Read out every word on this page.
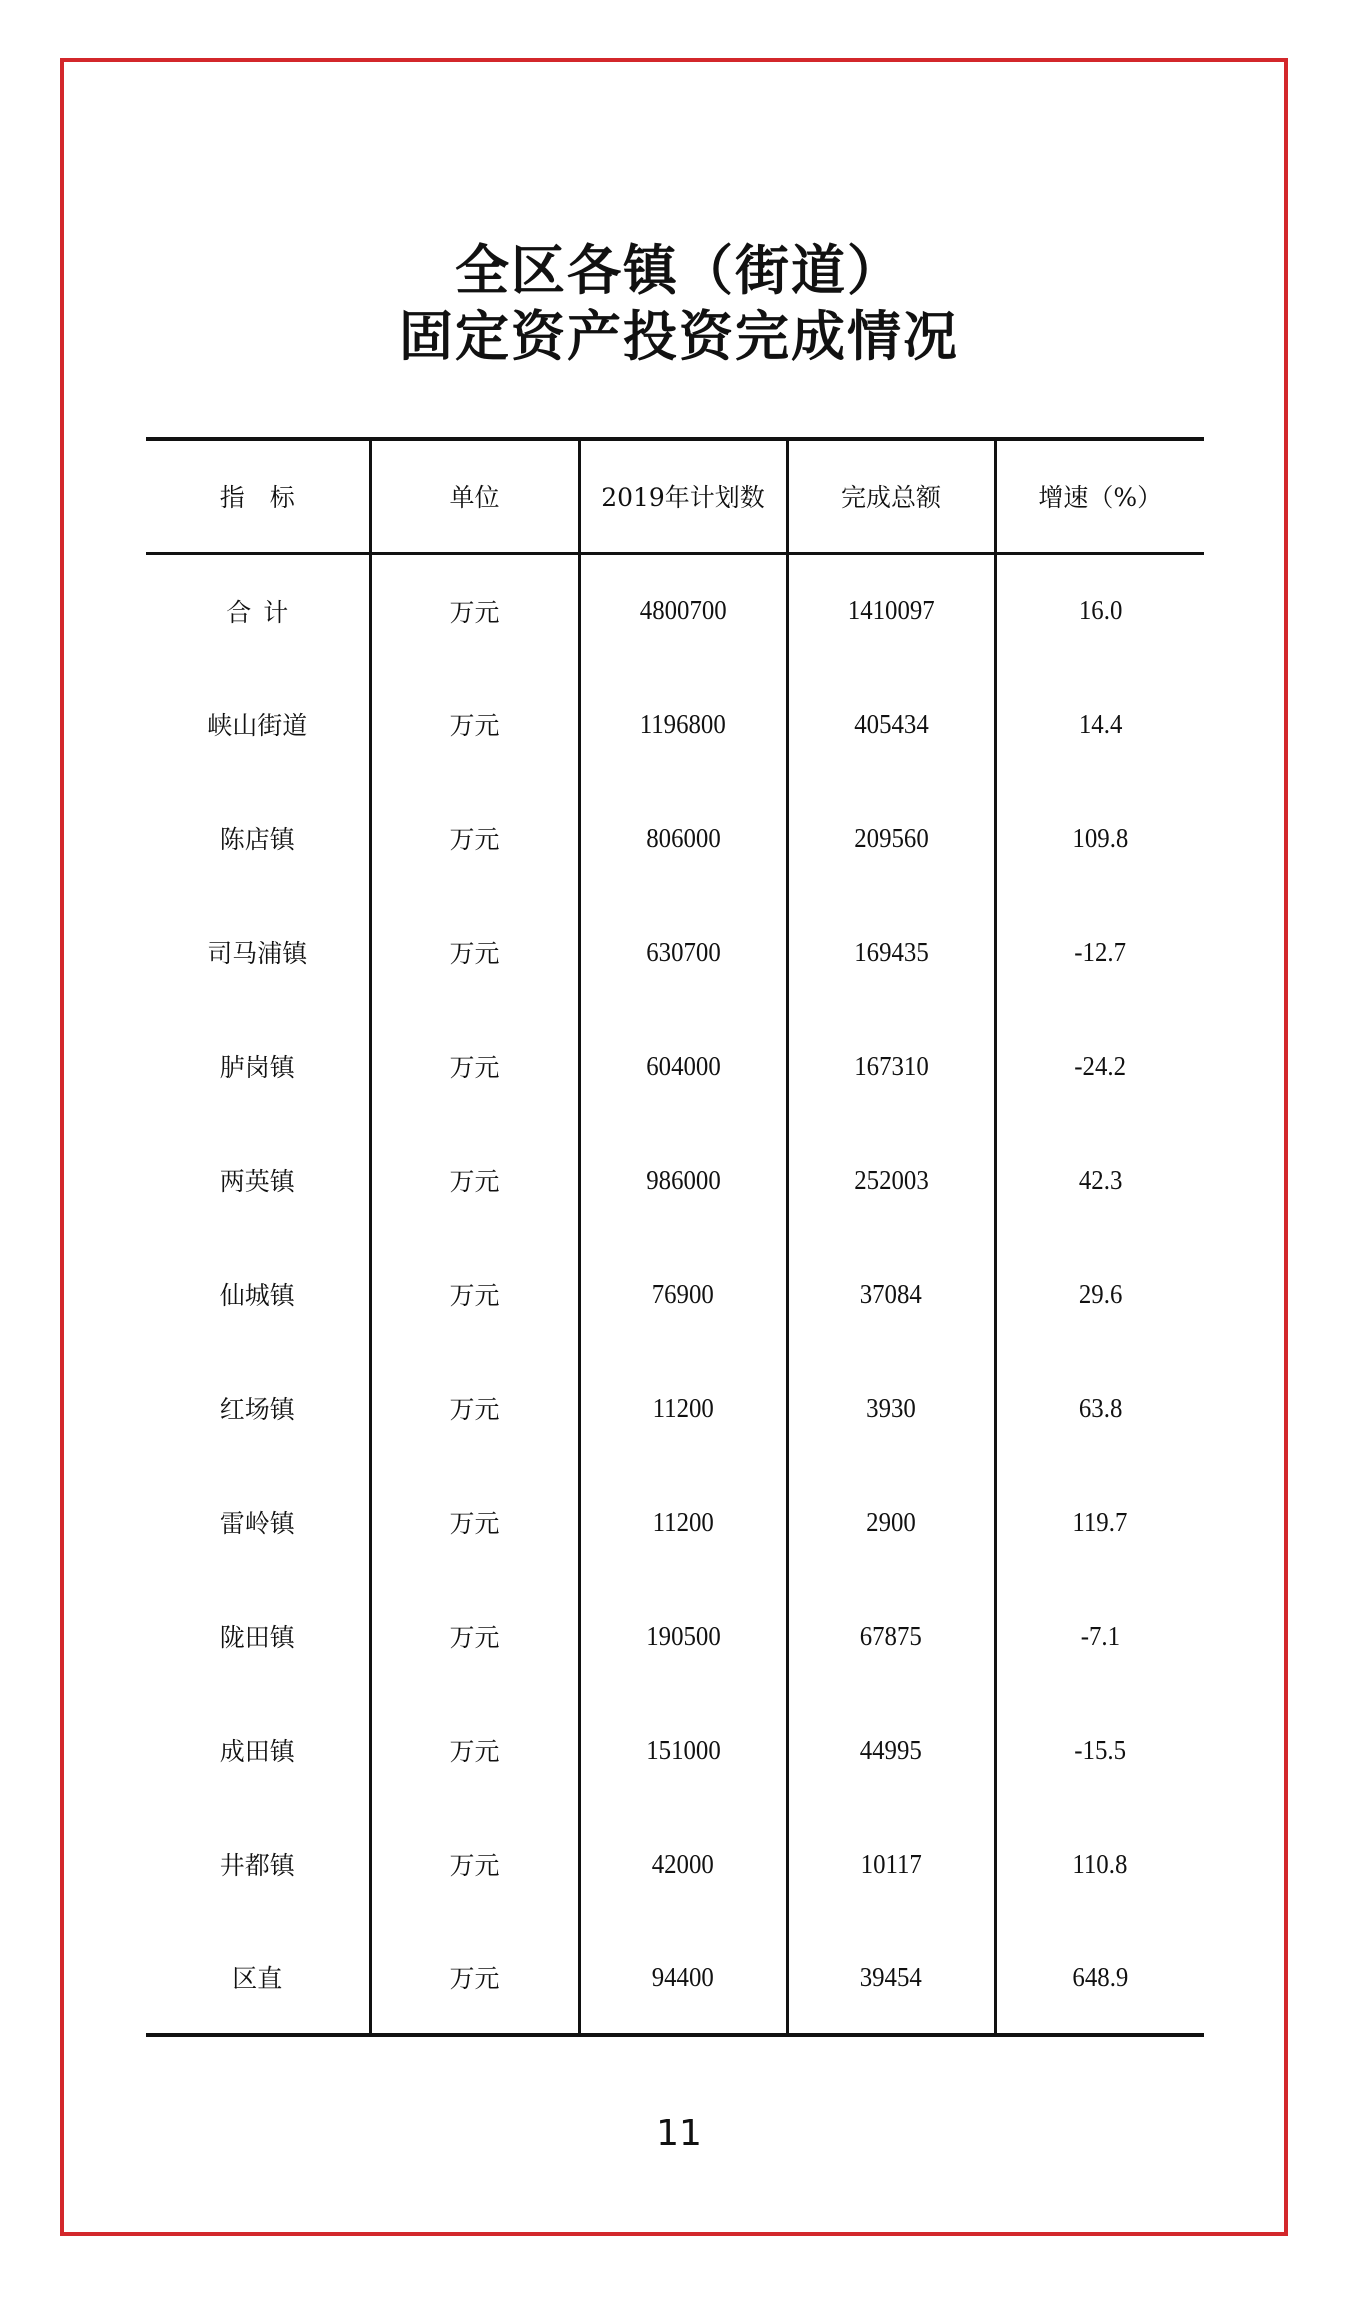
全区各镇（街道）
固定资产投资完成情况
指　标	单位	2019年计划数	完成总额	增速（%）
合计	万元	4800700	1410097	16.0
峡山街道	万元	1196800	405434	14.4
陈店镇	万元	806000	209560	109.8
司马浦镇	万元	630700	169435	-12.7
胪岗镇	万元	604000	167310	-24.2
两英镇	万元	986000	252003	42.3
仙城镇	万元	76900	37084	29.6
红场镇	万元	11200	3930	63.8
雷岭镇	万元	11200	2900	119.7
陇田镇	万元	190500	67875	-7.1
成田镇	万元	151000	44995	-15.5
井都镇	万元	42000	10117	110.8
区直	万元	94400	39454	648.9
11
